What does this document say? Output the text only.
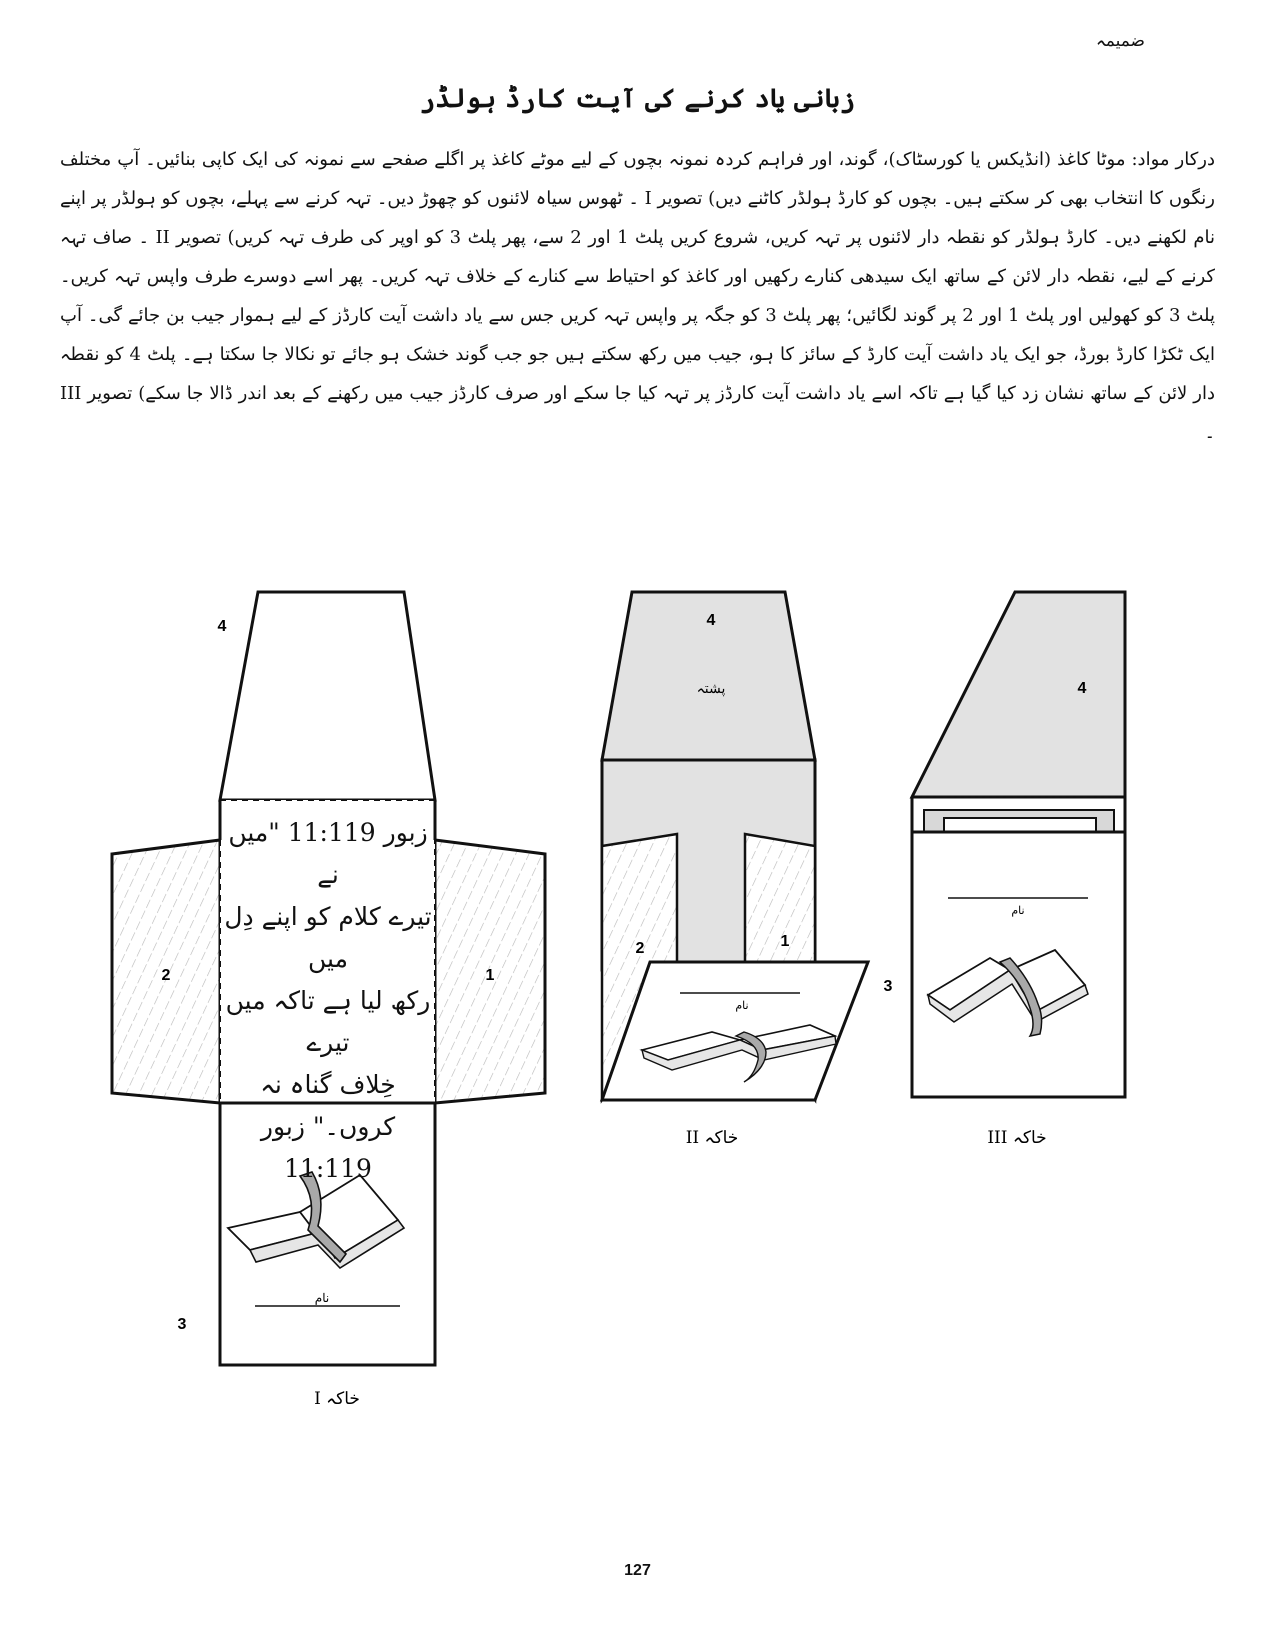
ضمیمہ
زبانی یاد کرنے کی آیت کارڈ ہولڈر

درکار مواد: موٹا کاغذ (انڈیکس یا کورسٹاک)، گوند، اور فراہم کردہ نمونہ بچوں کے لیے موٹے کاغذ پر اگلے صفحے سے نمونہ کی ایک کاپی بنائیں۔ آپ مختلف رنگوں کا انتخاب بھی کر سکتے ہیں۔ بچوں کو کارڈ ہولڈر کاٹنے دیں) تصویر I ۔ ٹھوس سیاہ لائنوں کو چھوڑ دیں۔ تہہ کرنے سے پہلے، بچوں کو ہولڈر پر اپنے نام لکھنے دیں۔ کارڈ ہولڈر کو نقطہ دار لائنوں پر تہہ کریں، شروع کریں پلٹ 1 اور 2 سے، پھر پلٹ 3 کو اوپر کی طرف تہہ کریں) تصویر II ۔ صاف تہہ کرنے کے لیے، نقطہ دار لائن کے ساتھ ایک سیدھی کنارے رکھیں اور کاغذ کو احتیاط سے کنارے کے خلاف تہہ کریں۔ پھر اسے دوسرے طرف واپس تہہ کریں۔ پلٹ 3 کو کھولیں اور پلٹ 1 اور 2 پر گوند لگائیں؛ پھر پلٹ 3 کو جگہ پر واپس تہہ کریں جس سے یاد داشت آیت کارڈز کے لیے ہموار جیب بن جائے گی۔ آپ ایک ٹکڑا کارڈ بورڈ، جو ایک یاد داشت آیت کارڈ کے سائز کا ہو، جیب میں رکھ سکتے ہیں جو جب گوند خشک ہو جائے تو نکالا جا سکتا ہے۔ پلٹ 4 کو نقطہ دار لائن کے ساتھ نشان زد کیا گیا ہے تاکہ اسے یاد داشت آیت کارڈز پر تہہ کیا جا سکے اور صرف کارڈز جیب میں رکھنے کے بعد اندر ڈالا جا سکے) تصویر III ۔

نام
4
2	1
3
زبور 11:119 "میں نے
تیرے کلام کو اپنے دِل میں
رکھ لیا ہے تاکہ میں تیرے
خِلاف گناہ نہ کروں۔" زبور
11:119
خاکہ I
نام
4
پشتہ
2	1
خاکہ II
نام
4
3
خاکہ III
127
